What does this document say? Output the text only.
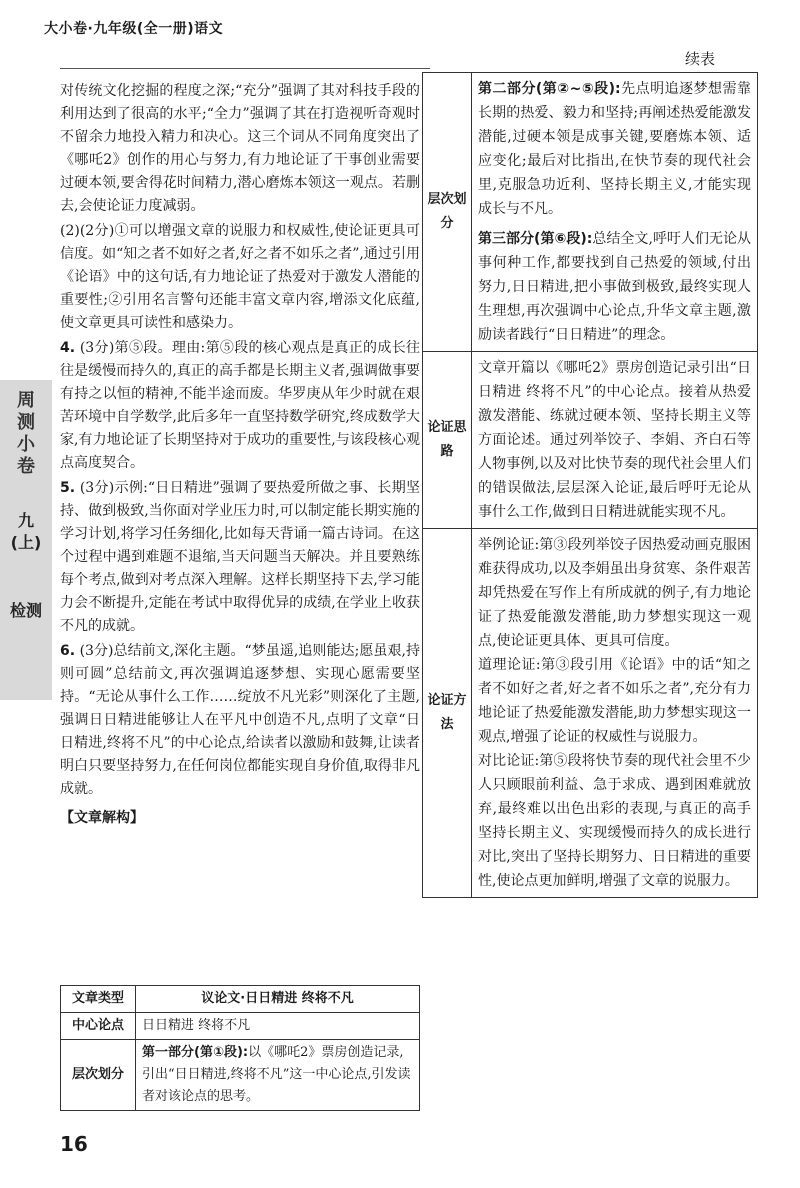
大小卷·九年级(全一册)语文
续表
周测小卷
九(上)
检测

对传统文化挖掘的程度之深;“充分”强调了其对科技手段的利用达到了很高的水平;“全力”强调了其在打造视听奇观时不留余力地投入精力和决心。这三个词从不同角度突出了《哪吒2》创作的用心与努力,有力地论证了干事创业需要过硬本领,要舍得花时间精力,潜心磨炼本领这一观点。若删去,会使论证力度减弱。

(2)(2分)①可以增强文章的说服力和权威性,使论证更具可信度。如“知之者不如好之者,好之者不如乐之者”,通过引用《论语》中的这句话,有力地论证了热爱对于激发人潜能的重要性;②引用名言警句还能丰富文章内容,增添文化底蕴,使文章更具可读性和感染力。

4. (3分)第⑤段。理由:第⑤段的核心观点是真正的成长往往是缓慢而持久的,真正的高手都是长期主义者,强调做事要有持之以恒的精神,不能半途而废。华罗庚从年少时就在艰苦环境中自学数学,此后多年一直坚持数学研究,终成数学大家,有力地论证了长期坚持对于成功的重要性,与该段核心观点高度契合。

5. (3分)示例:“日日精进”强调了要热爱所做之事、长期坚持、做到极致,当你面对学业压力时,可以制定能长期实施的学习计划,将学习任务细化,比如每天背诵一篇古诗词。在这个过程中遇到难题不退缩,当天问题当天解决。并且要熟练每个考点,做到对考点深入理解。这样长期坚持下去,学习能力会不断提升,定能在考试中取得优异的成绩,在学业上收获不凡的成就。

6. (3分)总结前文,深化主题。“梦虽遥,追则能达;愿虽艰,持则可圆”总结前文,再次强调追逐梦想、实现心愿需要坚持。“无论从事什么工作……绽放不凡光彩”则深化了主题,强调日日精进能够让人在平凡中创造不凡,点明了文章“日日精进,终将不凡”的中心论点,给读者以激励和鼓舞,让读者明白只要坚持努力,在任何岗位都能实现自身价值,取得非凡成就。

【文章解构】
文章类型	议论文·日日精进 终将不凡
中心论点	日日精进 终将不凡
层次划分	第一部分(第①段):以《哪吒2》票房创造记录,引出“日日精进,终将不凡”这一中心论点,引发读者对该论点的思考。
层次划分	第二部分(第②~⑤段):先点明追逐梦想需靠长期的热爱、毅力和坚持;再阐述热爱能激发潜能,过硬本领是成事关键,要磨炼本领、适应变化;最后对比指出,在快节奏的现代社会里,克服急功近利、坚持长期主义,才能实现成长与不凡。
第三部分(第⑥段):总结全文,呼吁人们无论从事何种工作,都要找到自己热爱的领域,付出努力,日日精进,把小事做到极致,最终实现人生理想,再次强调中心论点,升华文章主题,激励读者践行“日日精进”的理念。

论证思路	文章开篇以《哪吒2》票房创造记录引出“日日精进 终将不凡”的中心论点。接着从热爱激发潜能、练就过硬本领、坚持长期主义等方面论述。通过列举饺子、李娟、齐白石等人物事例,以及对比快节奏的现代社会里人们的错误做法,层层深入论证,最后呼吁无论从事什么工作,做到日日精进就能实现不凡。
论证方法	举例论证:第③段列举饺子因热爱动画克服困难获得成功,以及李娟虽出身贫寒、条件艰苦却凭热爱在写作上有所成就的例子,有力地论证了热爱能激发潜能,助力梦想实现这一观点,使论证更具体、更具可信度。
道理论证:第③段引用《论语》中的话“知之者不如好之者,好之者不如乐之者”,充分有力地论证了热爱能激发潜能,助力梦想实现这一观点,增强了论证的权威性与说服力。
对比论证:第⑤段将快节奏的现代社会里不少人只顾眼前利益、急于求成、遇到困难就放弃,最终难以出色出彩的表现,与真正的高手坚持长期主义、实现缓慢而持久的成长进行对比,突出了坚持长期努力、日日精进的重要性,使论点更加鲜明,增强了文章的说服力。
16
